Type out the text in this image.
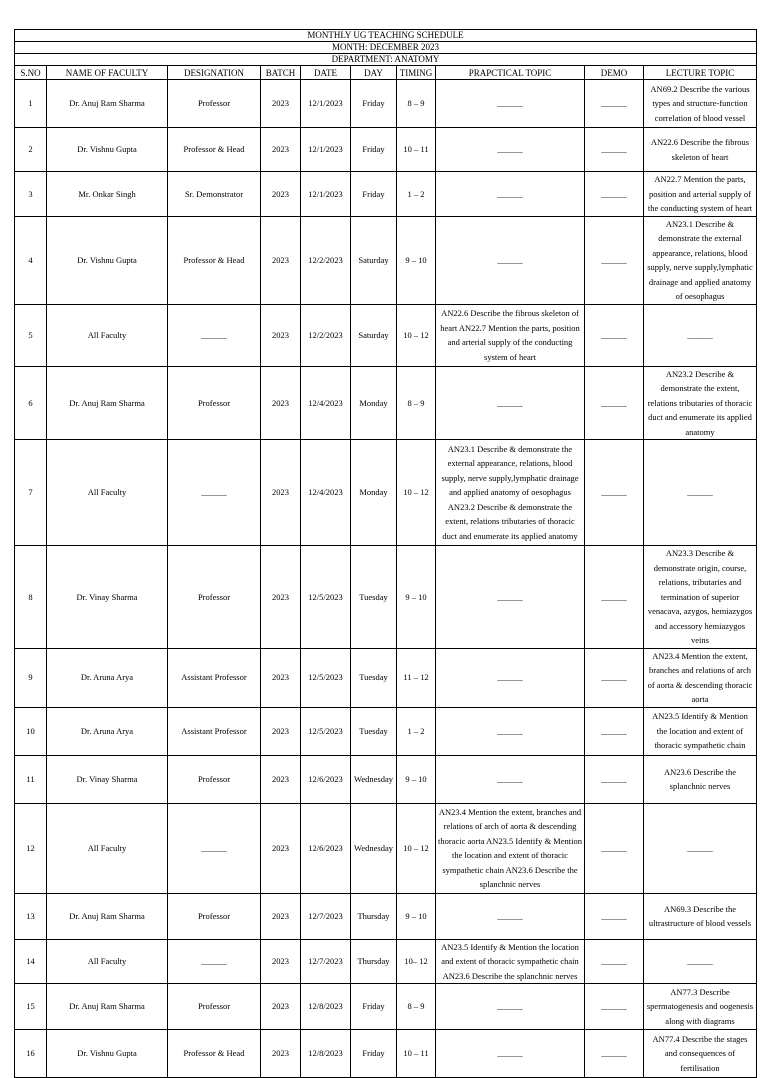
MONTHLY UG TEACHING SCHEDULE									
MONTH: DECEMBER 2023									
DEPARTMENT: ANATOMY									
S.NO	NAME OF FACULTY	DESIGNATION	BATCH	DATE	DAY	TIMING	PRAPCTICAL TOPIC	DEMO	LECTURE TOPIC
1	Dr. Anuj Ram Sharma	Professor	2023	12/1/2023	Friday	8 – 9	______	______	AN69.2 Describe the various types and structure-function correlation of blood vessel
2	Dr. Vishnu Gupta	Professor & Head	2023	12/1/2023	Friday	10 – 11	______	______	AN22.6 Describe the fibrous skeleton of heart
3	Mr. Onkar Singh	Sr. Demonstrator	2023	12/1/2023	Friday	1 – 2	______	______	AN22.7 Mention the parts, position and arterial supply of the conducting system of heart
4	Dr. Vishnu Gupta	Professor & Head	2023	12/2/2023	Saturday	9 – 10	______	______	AN23.1 Describe & demonstrate the external appearance, relations, blood supply, nerve supply,lymphatic drainage and applied anatomy of oesophagus
5	All Faculty	______	2023	12/2/2023	Saturday	10 – 12	AN22.6 Describe the fibrous skeleton of heart AN22.7 Mention the parts, position and arterial supply of the conducting system of heart	______	______
6	Dr. Anuj Ram Sharma	Professor	2023	12/4/2023	Monday	8 – 9	______	______	AN23.2 Describe & demonstrate the extent, relations tributaries of thoracic duct and enumerate its applied anatomy
7	All Faculty	______	2023	12/4/2023	Monday	10 – 12	AN23.1 Describe & demonstrate the external appearance, relations, blood supply, nerve supply,lymphatic drainage and applied anatomy of oesophagus AN23.2 Describe & demonstrate the extent, relations tributaries of thoracic duct and enumerate its applied anatomy	______	______
8	Dr. Vinay Sharma	Professor	2023	12/5/2023	Tuesday	9 – 10	______	______	AN23.3 Describe & demonstrate origin, course, relations, tributaries and termination of superior venacava, azygos, hemiazygos and accessory hemiazygos veins
9	Dr. Aruna Arya	Assistant Professor	2023	12/5/2023	Tuesday	11 – 12	______	______	AN23.4 Mention the extent, branches and relations of arch of aorta & descending thoracic aorta
10	Dr. Aruna Arya	Assistant Professor	2023	12/5/2023	Tuesday	1 – 2	______	______	AN23.5 Identify & Mention the location and extent of thoracic sympathetic chain
11	Dr. Vinay Sharma	Professor	2023	12/6/2023	Wednesday	9 – 10	______	______	AN23.6 Describe the splanchnic nerves
12	All Faculty	______	2023	12/6/2023	Wednesday	10 – 12	AN23.4 Mention the extent, branches and relations of arch of aorta & descending thoracic aorta AN23.5 Identify & Mention the location and extent of thoracic sympathetic chain AN23.6 Describe the splanchnic nerves	______	______
13	Dr. Anuj Ram Sharma	Professor	2023	12/7/2023	Thursday	9 – 10	______	______	AN69.3 Describe the ultrastructure of blood vessels
14	All Faculty	______	2023	12/7/2023	Thursday	10– 12	AN23.5 Identify & Mention the location and extent of thoracic sympathetic chain AN23.6 Describe the splanchnic nerves	______	______
15	Dr. Anuj Ram Sharma	Professor	2023	12/8/2023	Friday	8 – 9	______	______	AN77.3 Describe spermatogenesis and oogenesis along with diagrams
16	Dr. Vishnu Gupta	Professor & Head	2023	12/8/2023	Friday	10 – 11	______	______	AN77.4 Describe the stages and consequences of fertilisation
